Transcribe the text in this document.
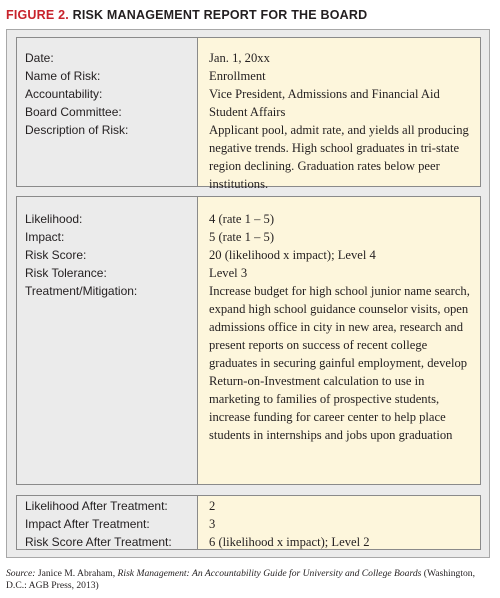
FIGURE 2. RISK MANAGEMENT REPORT FOR THE BOARD
Date:
Name of Risk:
Accountability:
Board Committee:
Description of Risk:
Jan. 1, 20xx
Enrollment
Vice President, Admissions and Financial Aid
Student Affairs
Applicant pool, admit rate, and yields all producing negative trends. High school graduates in tri-state region declining. Graduation rates below peer institutions.
Likelihood:
Impact:
Risk Score:
Risk Tolerance:
Treatment/Mitigation:
4 (rate 1 – 5)
5 (rate 1 – 5)
20 (likelihood x impact); Level 4
Level 3
Increase budget for high school junior name search, expand high school guidance counselor visits, open admissions office in city in new area, research and present reports on success of recent college graduates in securing gainful employment, develop Return-on-Investment calculation to use in marketing to families of prospective students, increase funding for career center to help place students in internships and jobs upon graduation
Likelihood After Treatment:
Impact After Treatment:
Risk Score After Treatment:
2
3
6 (likelihood x impact); Level 2
Source: Janice M. Abraham, Risk Management: An Accountability Guide for University and College Boards (Washington, D.C.: AGB Press, 2013)
